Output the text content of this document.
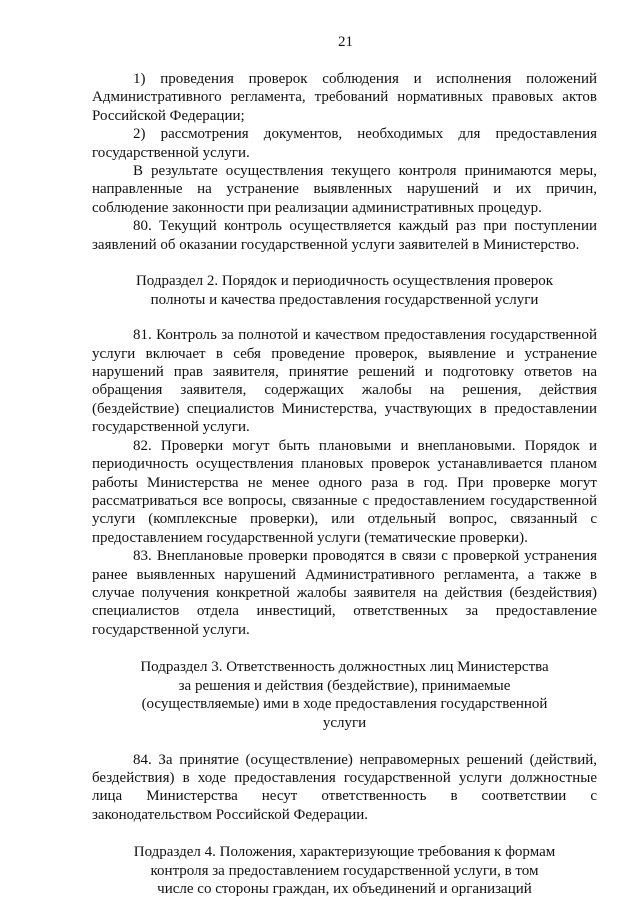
21

1) проведения проверок соблюдения и исполнения положений Административного регламента, требований нормативных правовых актов Российской Федерации;

2) рассмотрения документов, необходимых для предоставления государственной услуги.

В результате осуществления текущего контроля принимаются меры, направленные на устранение выявленных нарушений и их причин, соблюдение законности при реализации административных процедур.

80. Текущий контроль осуществляется каждый раз при поступлении заявлений об оказании государственной услуги заявителей в Министерство.

Подраздел 2. Порядок и периодичность осуществления проверок
полноты и качества предоставления государственной услуги

81. Контроль за полнотой и качеством предоставления государственной услуги включает в себя проведение проверок, выявление и устранение нарушений прав заявителя, принятие решений и подготовку ответов на обращения заявителя, содержащих жалобы на решения, действия (бездействие) специалистов Министерства, участвующих в предоставлении государственной услуги.

82. Проверки могут быть плановыми и внеплановыми. Порядок и периодичность осуществления плановых проверок устанавливается планом работы Министерства не менее одного раза в год. При проверке могут рассматриваться все вопросы, связанные с предоставлением государственной услуги (комплексные проверки), или отдельный вопрос, связанный с предоставлением государственной услуги (тематические проверки).

83. Внеплановые проверки проводятся в связи с проверкой устранения ранее выявленных нарушений Административного регламента, а также в случае получения конкретной жалобы заявителя на действия (бездействия) специалистов отдела инвестиций, ответственных за предоставление государственной услуги.

Подраздел 3. Ответственность должностных лиц Министерства
за решения и действия (бездействие), принимаемые
(осуществляемые) ими в ходе предоставления государственной
услуги

84. За принятие (осуществление) неправомерных решений (действий, бездействия) в ходе предоставления государственной услуги должностные лица Министерства несут ответственность в соответствии с законодательством Российской Федерации.

Подраздел 4. Положения, характеризующие требования к формам
контроля за предоставлением государственной услуги, в том
числе со стороны граждан, их объединений и организаций
